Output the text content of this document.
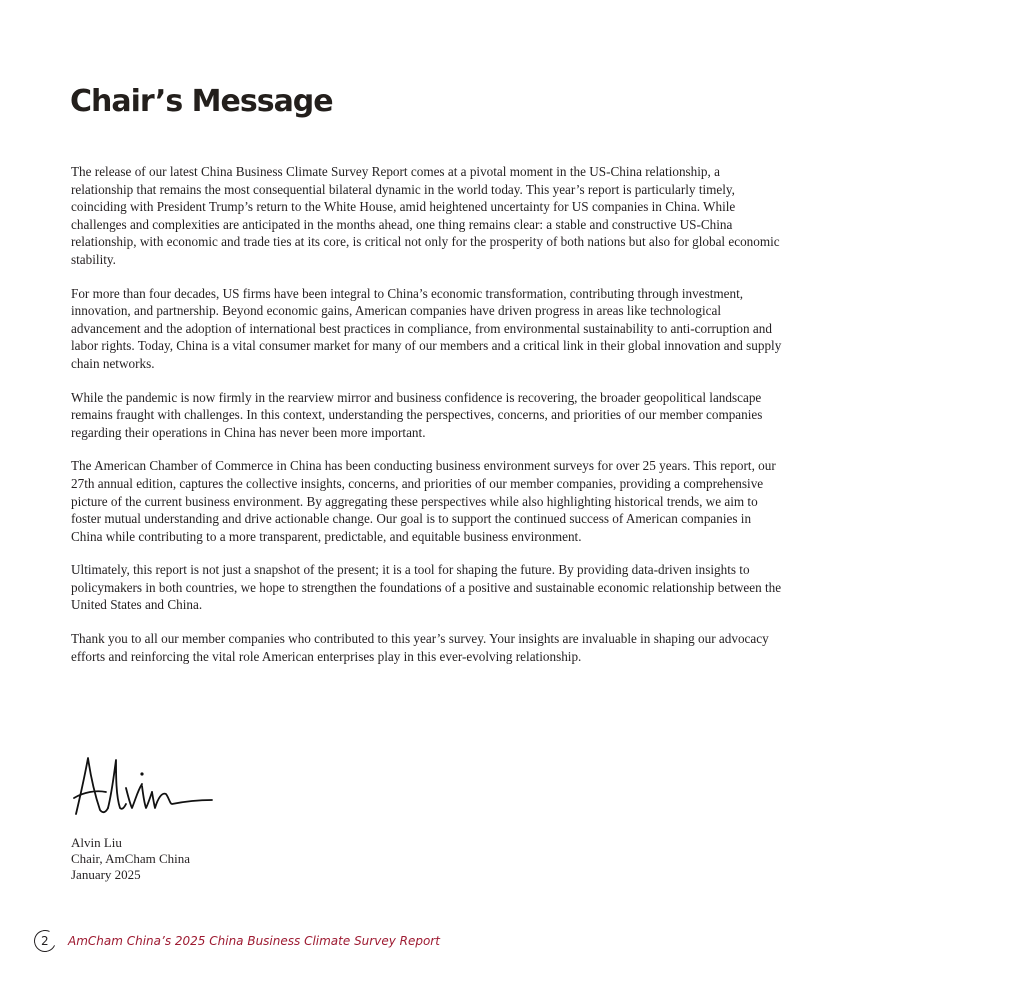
Chair’s Message

The release of our latest China Business Climate Survey Report comes at a pivotal moment in the US-China relationship, a relationship that remains the most consequential bilateral dynamic in the world today. This year’s report is particularly timely, coinciding with President Trump’s return to the White House, amid heightened uncertainty for US companies in China. While challenges and complexities are anticipated in the months ahead, one thing remains clear: a stable and constructive US-China relationship, with economic and trade ties at its core, is critical not only for the prosperity of both nations but also for global economic stability.

For more than four decades, US firms have been integral to China’s economic transformation, contributing through investment, innovation, and partnership. Beyond economic gains, American companies have driven progress in areas like technological advancement and the adoption of international best practices in compliance, from environmental sustainability to anti-corruption and labor rights. Today, China is a vital consumer market for many of our members and a critical link in their global innovation and supply chain networks.

While the pandemic is now firmly in the rearview mirror and business confidence is recovering, the broader geopolitical landscape remains fraught with challenges. In this context, understanding the perspectives, concerns, and priorities of our member companies regarding their operations in China has never been more important.

The American Chamber of Commerce in China has been conducting business environment surveys for over 25 years. This report, our 27th annual edition, captures the collective insights, concerns, and priorities of our member companies, providing a comprehensive picture of the current business environment. By aggregating these perspectives while also highlighting historical trends, we aim to foster mutual understanding and drive actionable change. Our goal is to support the continued success of American companies in China while contributing to a more transparent, predictable, and equitable business environment.

Ultimately, this report is not just a snapshot of the present; it is a tool for shaping the future. By providing data-driven insights to policymakers in both countries, we hope to strengthen the foundations of a positive and sustainable economic relationship between the United States and China.

Thank you to all our member companies who contributed to this year’s survey. Your insights are invaluable in shaping our advocacy efforts and reinforcing the vital role American enterprises play in this ever-evolving relationship.

Alvin Liu
Chair, AmCham China
January 2025
2 AmCham China’s 2025 China Business Climate Survey Report
